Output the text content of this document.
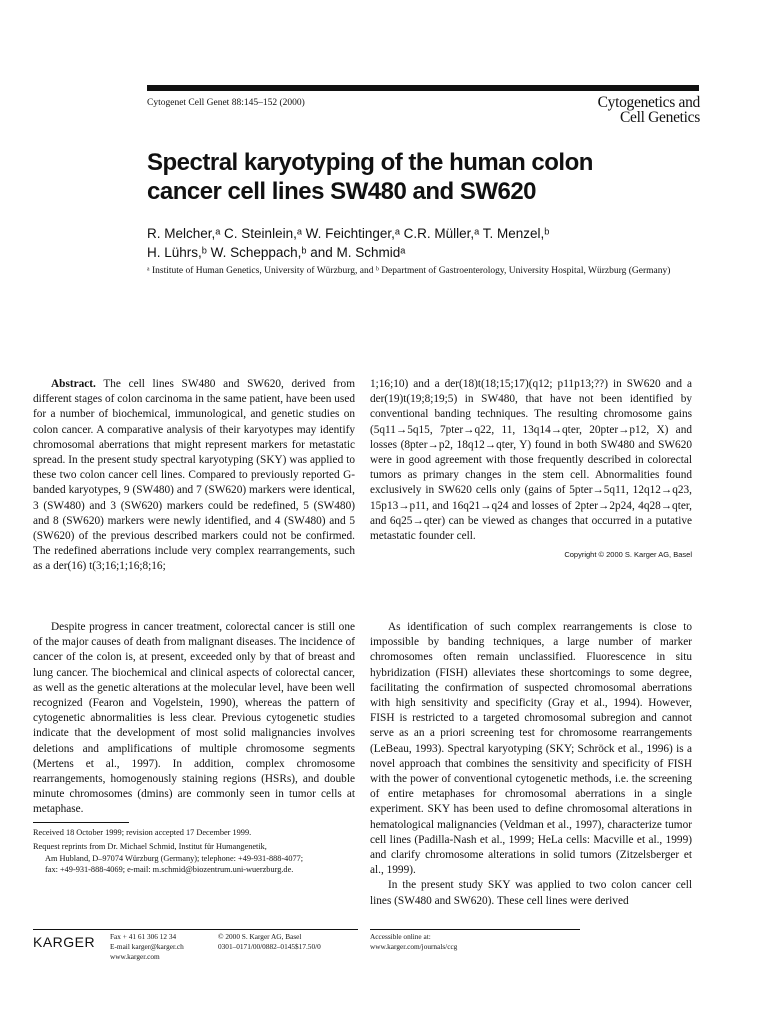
Cytogenet Cell Genet 88:145–152 (2000)	Cytogenetics and
Cell Genetics
Spectral karyotyping of the human colon
cancer cell lines SW480 and SW620
R. Melcher,ᵃ C. Steinlein,ᵃ W. Feichtinger,ᵃ C.R. Müller,ᵃ T. Menzel,ᵇ
H. Lührs,ᵇ W. Scheppach,ᵇ and M. Schmidᵃ
ᵃ Institute of Human Genetics, University of Würzburg, and ᵇ Department of Gastroenterology, University Hospital, Würzburg (Germany)

Abstract. The cell lines SW480 and SW620, derived from different stages of colon carcinoma in the same patient, have been used for a number of biochemical, immunological, and genetic studies on colon cancer. A comparative analysis of their karyotypes may identify chromosomal aberrations that might represent markers for metastatic spread. In the present study spectral karyotyping (SKY) was applied to these two colon cancer cell lines. Compared to previously reported G-banded karyotypes, 9 (SW480) and 7 (SW620) markers were identical, 3 (SW480) and 3 (SW620) markers could be redefined, 5 (SW480) and 8 (SW620) markers were newly identified, and 4 (SW480) and 5 (SW620) of the previous described markers could not be confirmed. The redefined aberrations include very complex rearrangements, such as a der(16) t(3;16;1;16;8;16;

1;16;10) and a der(18)t(18;15;17)(q12; p11p13;??) in SW620 and a der(19)t(19;8;19;5) in SW480, that have not been identified by conventional banding techniques. The resulting chromosome gains (5q11→5q15, 7pter→q22, 11, 13q14→qter, 20pter→p12, X) and losses (8pter→p2, 18q12→qter, Y) found in both SW480 and SW620 were in good agreement with those frequently described in colorectal tumors as primary changes in the stem cell. Abnormalities found exclusively in SW620 cells only (gains of 5pter→5q11, 12q12→q23, 15p13→p11, and 16q21→q24 and losses of 2pter→2p24, 4q28→qter, and 6q25→qter) can be viewed as changes that occurred in a putative metastatic founder cell.

Copyright © 2000 S. Karger AG, Basel

Despite progress in cancer treatment, colorectal cancer is still one of the major causes of death from malignant diseases. The incidence of cancer of the colon is, at present, exceeded only by that of breast and lung cancer. The biochemical and clinical aspects of colorectal cancer, as well as the genetic alterations at the molecular level, have been well recognized (Fearon and Vogelstein, 1990), whereas the pattern of cytogenetic abnormalities is less clear. Previous cytogenetic studies indicate that the development of most solid malignancies involves deletions and amplifications of multiple chromosome segments (Mertens et al., 1997). In addition, complex chromosome rearrangements, homogenously staining regions (HSRs), and double minute chromosomes (dmins) are commonly seen in tumor cells at metaphase.

As identification of such complex rearrangements is close to impossible by banding techniques, a large number of marker chromosomes often remain unclassified. Fluorescence in situ hybridization (FISH) alleviates these shortcomings to some degree, facilitating the confirmation of suspected chromosomal aberrations with high sensitivity and specificity (Gray et al., 1994). However, FISH is restricted to a targeted chromosomal subregion and cannot serve as an a priori screening test for chromosome rearrangements (LeBeau, 1993). Spectral karyotyping (SKY; Schröck et al., 1996) is a novel approach that combines the sensitivity and specificity of FISH with the power of conventional cytogenetic methods, i.e. the screening of entire metaphases for chromosomal aberrations in a single experiment. SKY has been used to define chromosomal alterations in hematological malignancies (Veldman et al., 1997), characterize tumor cell lines (Padilla-Nash et al., 1999; HeLa cells: Macville et al., 1999) and clarify chromosome alterations in solid tumors (Zitzelsberger et al., 1999).

In the present study SKY was applied to two colon cancer cell lines (SW480 and SW620). These cell lines were derived

Received 18 October 1999; revision accepted 17 December 1999.

Request reprints from Dr. Michael Schmid, Institut für Humangenetik,
Am Hubland, D–97074 Würzburg (Germany); telephone: +49-931-888-4077;
fax: +49-931-888-4069; e-mail: m.schmid@biozentrum.uni-wuerzburg.de.
KARGER Fax + 41 61 306 12 34
E-mail karger@karger.ch
www.karger.com
© 2000 S. Karger AG, Basel
0301–0171/00/0882–0145$17.50/0
Accessible online at:
www.karger.com/journals/ccg
